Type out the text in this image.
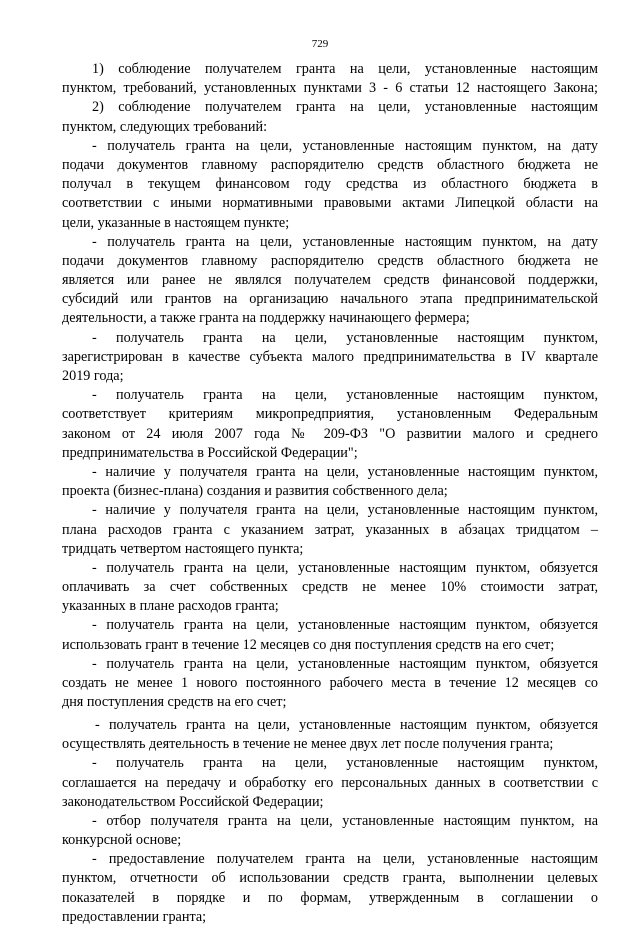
729
1) соблюдение получателем гранта на цели, установленные настоящим
пунктом, требований, установленных пунктами 3 - 6 статьи 12 настоящего Закона;
2) соблюдение получателем гранта на цели, установленные настоящим
пунктом, следующих требований:
- получатель гранта на цели, установленные настоящим пунктом, на дату
подачи документов главному распорядителю средств областного бюджета не
получал в текущем финансовом году средства из областного бюджета в
соответствии с иными нормативными правовыми актами Липецкой области на
цели, указанные в настоящем пункте;
- получатель гранта на цели, установленные настоящим пунктом, на дату
подачи документов главному распорядителю средств областного бюджета не
является или ранее не являлся получателем средств финансовой поддержки,
субсидий или грантов на организацию начального этапа предпринимательской
деятельности, а также гранта на поддержку начинающего фермера;
- получатель гранта на цели, установленные настоящим пунктом,
зарегистрирован в качестве субъекта малого предпринимательства в IV квартале
2019 года;
- получатель гранта на цели, установленные настоящим пунктом,
соответствует критериям микропредприятия, установленным Федеральным
законом от 24 июля 2007 года № 209-ФЗ "О развитии малого и среднего
предпринимательства в Российской Федерации";
- наличие у получателя гранта на цели, установленные настоящим пунктом,
проекта (бизнес-плана) создания и развития собственного дела;
- наличие у получателя гранта на цели, установленные настоящим пунктом,
плана расходов гранта с указанием затрат, указанных в абзацах тридцатом –
тридцать четвертом настоящего пункта;
- получатель гранта на цели, установленные настоящим пунктом, обязуется
оплачивать за счет собственных средств не менее 10% стоимости затрат,
указанных в плане расходов гранта;
- получатель гранта на цели, установленные настоящим пунктом, обязуется
использовать грант в течение 12 месяцев со дня поступления средств на его счет;
- получатель гранта на цели, установленные настоящим пунктом, обязуется
создать не менее 1 нового постоянного рабочего места в течение 12 месяцев со
дня поступления средств на его счет;
- получатель гранта на цели, установленные настоящим пунктом, обязуется
осуществлять деятельность в течение не менее двух лет после получения гранта;
- получатель гранта на цели, установленные настоящим пунктом,
соглашается на передачу и обработку его персональных данных в соответствии с
законодательством Российской Федерации;
- отбор получателя гранта на цели, установленные настоящим пунктом, на
конкурсной основе;
- предоставление получателем гранта на цели, установленные настоящим
пунктом, отчетности об использовании средств гранта, выполнении целевых
показателей в порядке и по формам, утвержденным в соглашении о
предоставлении гранта;
